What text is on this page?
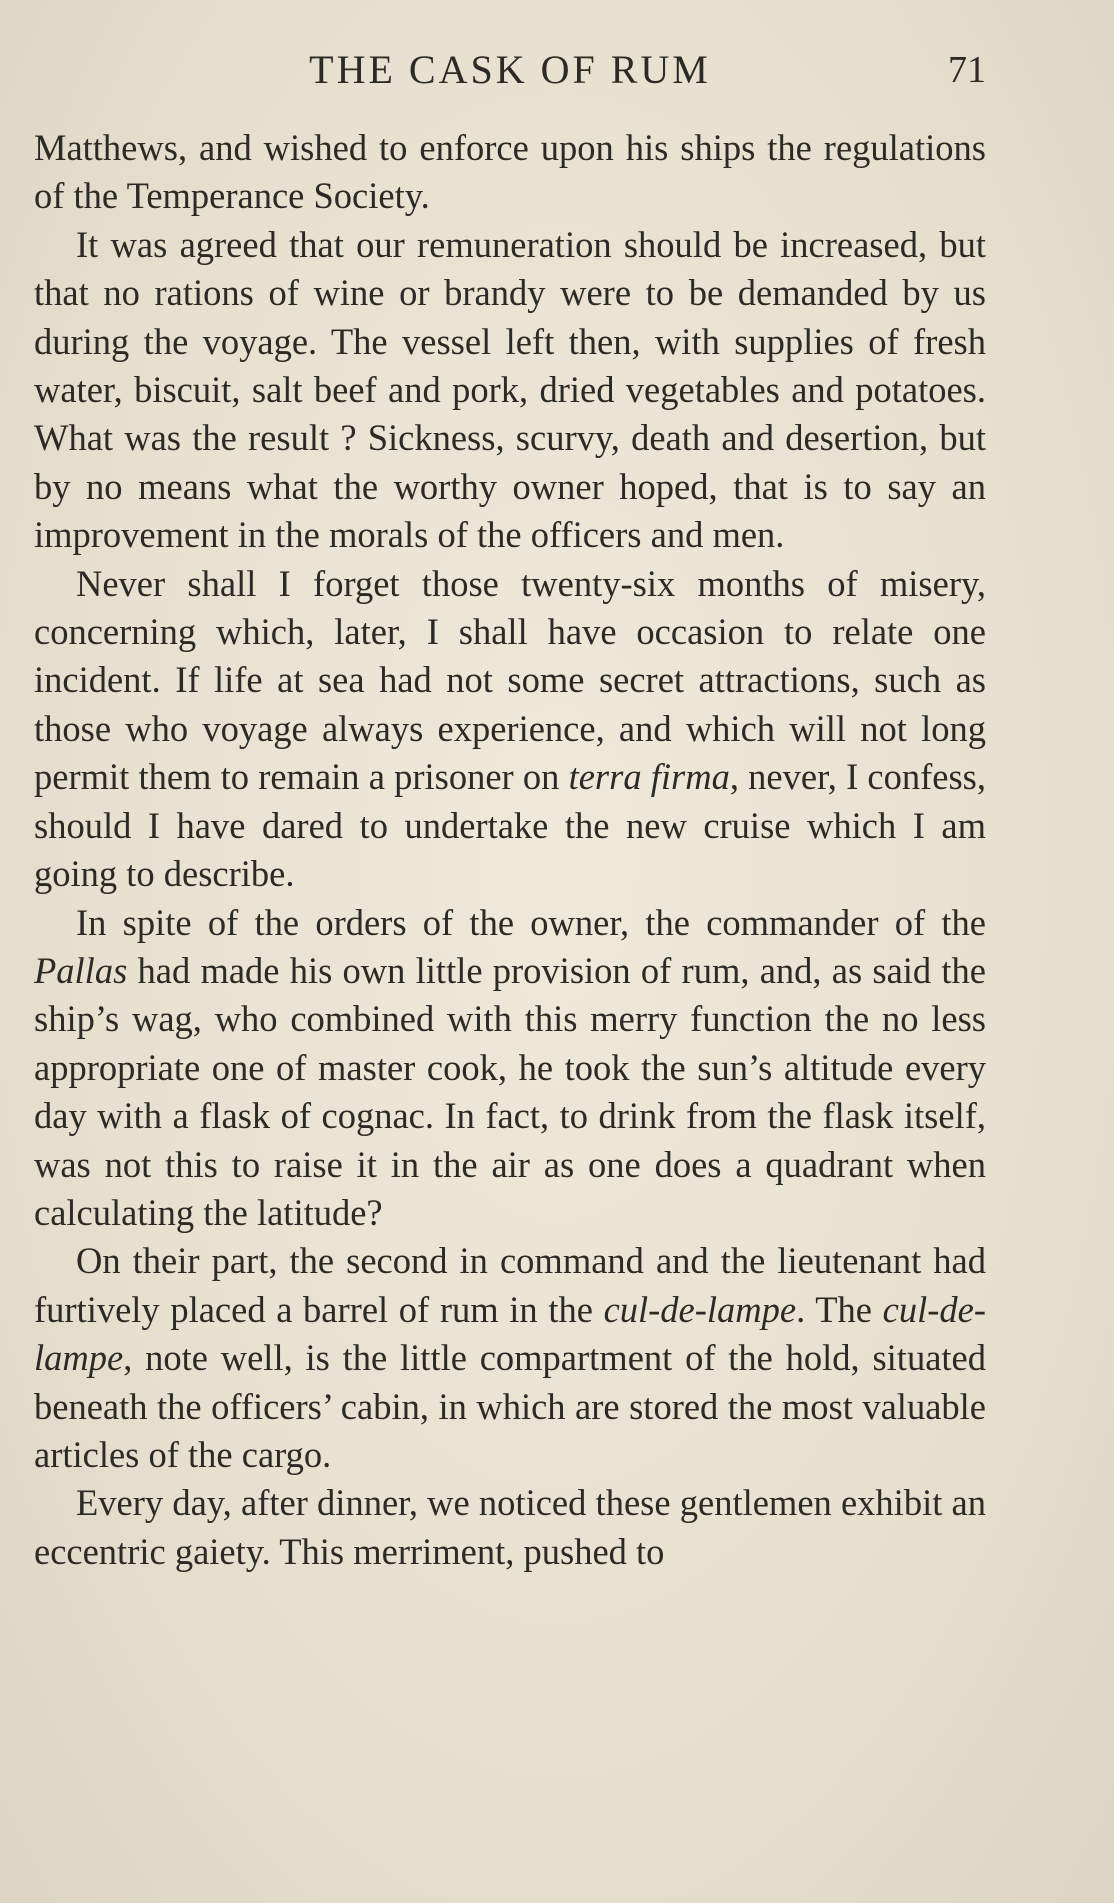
THE CASK OF RUM	71

Matthews, and wished to enforce upon his ships the regulations of the Temperance Society.

It was agreed that our remuneration should be increased, but that no rations of wine or brandy were to be demanded by us during the voyage. The vessel left then, with supplies of fresh water, biscuit, salt beef and pork, dried vegetables and potatoes. What was the result ? Sickness, scurvy, death and desertion, but by no means what the worthy owner hoped, that is to say an improvement in the morals of the officers and men.

Never shall I forget those twenty-six months of misery, concerning which, later, I shall have occasion to relate one incident. If life at sea had not some secret attractions, such as those who voyage always experience, and which will not long permit them to remain a prisoner on terra firma, never, I confess, should I have dared to undertake the new cruise which I am going to describe.

In spite of the orders of the owner, the commander of the Pallas had made his own little provision of rum, and, as said the ship’s wag, who combined with this merry function the no less appropriate one of master cook, he took the sun’s altitude every day with a flask of cognac. In fact, to drink from the flask itself, was not this to raise it in the air as one does a quadrant when calculating the latitude?

On their part, the second in command and the lieutenant had furtively placed a barrel of rum in the cul-de-lampe. The cul-de-lampe, note well, is the little compartment of the hold, situated beneath the officers’ cabin, in which are stored the most valuable articles of the cargo.

Every day, after dinner, we noticed these gentlemen exhibit an eccentric gaiety. This merriment, pushed to
